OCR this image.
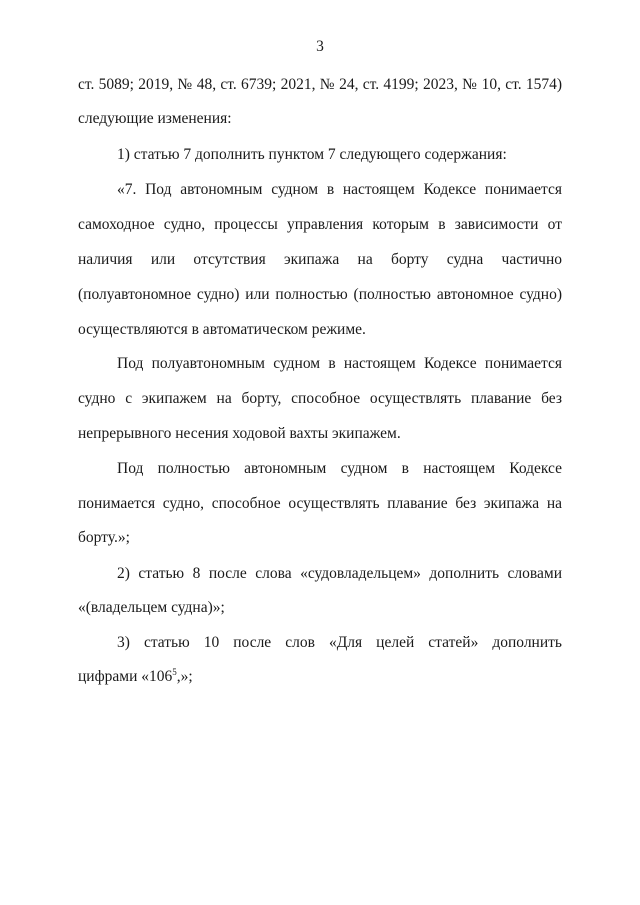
3
ст. 5089; 2019, № 48, ст. 6739; 2021, № 24, ст. 4199; 2023, № 10, ст. 1574)
следующие изменения:
1) статью 7 дополнить пунктом 7 следующего содержания:
«7. Под автономным судном в настоящем Кодексе понимается
самоходное судно, процессы управления которым в зависимости от
наличия или отсутствия экипажа на борту судна частично
(полуавтономное судно) или полностью (полностью автономное судно)
осуществляются в автоматическом режиме.
Под полуавтономным судном в настоящем Кодексе понимается
судно с экипажем на борту, способное осуществлять плавание без
непрерывного несения ходовой вахты экипажем.
Под полностью автономным судном в настоящем Кодексе
понимается судно, способное осуществлять плавание без экипажа на
борту.»;
2) статью 8 после слова «судовладельцем» дополнить словами
«(владельцем судна)»;
3) статью 10 после слов «Для целей статей» дополнить
цифрами «$106^5$,»;
